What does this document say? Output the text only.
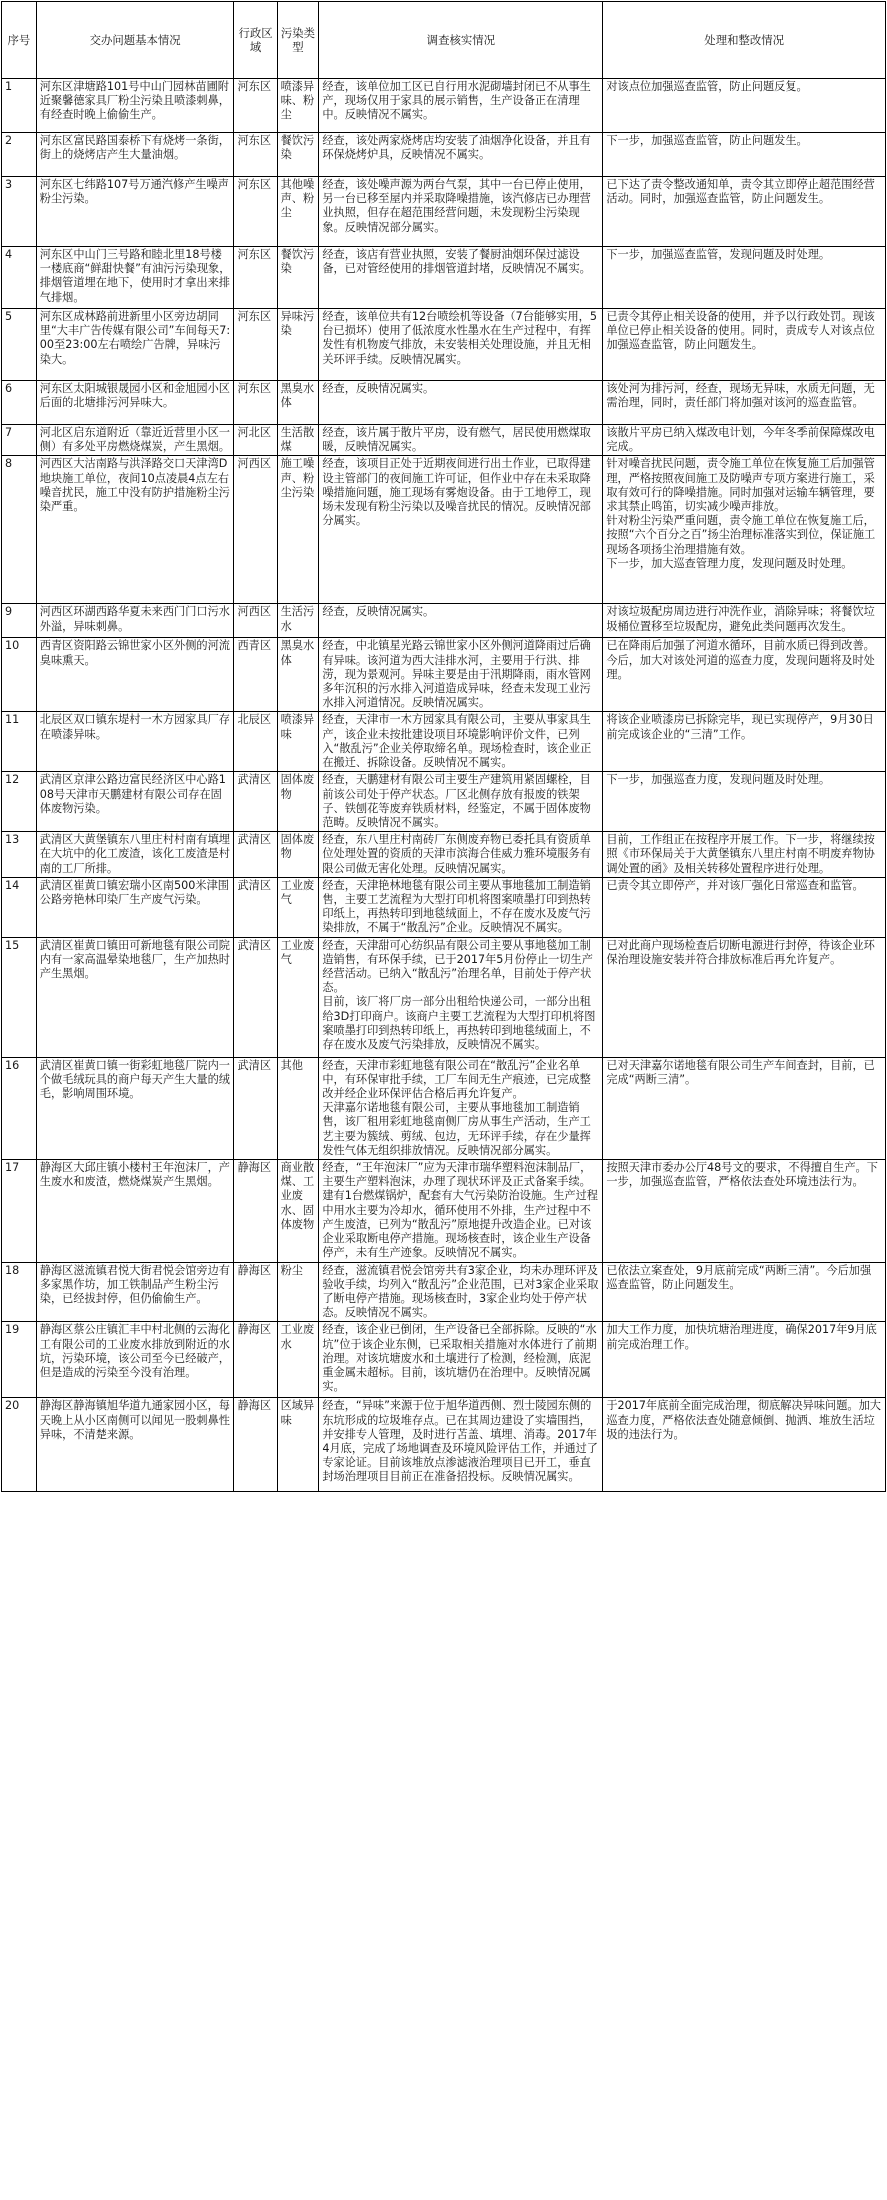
序号	交办问题基本情况	行政区域	污染类型	调查核实情况	处理和整改情况
1	河东区津塘路101号中山门园林苗圃附近聚馨德家具厂粉尘污染且喷漆刺鼻，有经查时晚上偷偷生产。	河东区	喷漆异味、粉尘	经查，该单位加工区已自行用水泥砌墙封闭已不从事生产，现场仅用于家具的展示销售，生产设备正在清理中。反映情况不属实。	对该点位加强巡查监管，防止问题反复。

2	河东区富民路国泰桥下有烧烤一条街，街上的烧烤店产生大量油烟。	河东区	餐饮污染	经查，该处两家烧烤店均安装了油烟净化设备，并且有环保烧烤炉具，反映情况不属实。	下一步，加强巡查监管，防止问题发生。

3	河东区七纬路107号万通汽修产生噪声粉尘污染。	河东区	其他噪声、粉尘	经查，该处噪声源为两台气泵，其中一台已停止使用，另一台已移至屋内并采取降噪措施，该汽修店已办理营业执照，但存在超范围经营问题，未发现粉尘污染现象。反映情况部分属实。	已下达了责令整改通知单，责令其立即停止超范围经营活动。同时，加强巡查监管，防止问题发生。

4	河东区中山门三号路和睦北里18号楼一楼底商“鲜甜快餐”有油污污染现象，排烟管道埋在地下，使用时才拿出来排气排烟。	河东区	餐饮污染	经查，该店有营业执照，安装了餐厨油烟环保过滤设备，已对管经使用的排烟管道封堵，反映情况不属实。	下一步，加强巡查监管，发现问题及时处理。

5	河东区成林路前进新里小区旁边胡同里“大丰广告传媒有限公司”车间每天7:00至23:00左右喷绘广告牌，异味污染大。	河东区	异味污染	经查，该单位共有12台喷绘机等设备（7台能够实用，5台已损坏）使用了低浓度水性墨水在生产过程中，有挥发性有机物废气排放，未安装相关处理设施，并且无相关环评手续。反映情况属实。	已责令其停止相关设备的使用，并予以行政处罚。现该单位已停止相关设备的使用。同时，责成专人对该点位加强巡查监管，防止问题发生。

6	河东区太阳城银晟园小区和金旭园小区后面的北塘排污河异味大。	河东区	黑臭水体	经查，反映情况属实。	该处河为排污河，经查，现场无异味，水质无问题，无需治理，同时，责任部门将加强对该河的巡查监管。

7	河北区启东道附近（靠近近营里小区一侧）有多处平房燃烧煤炭，产生黑烟。	河北区	生活散煤	经查，该片属于散片平房，设有燃气，居民使用燃煤取暖，反映情况属实。	该散片平房已纳入煤改电计划，今年冬季前保障煤改电完成。

8	河西区大沽南路与洪泽路交口天津湾D地块施工单位，夜间10点凌晨4点左右噪音扰民，施工中没有防护措施粉尘污染严重。	河西区	施工噪声、粉尘污染	经查，该项目正处于近期夜间进行出土作业，已取得建设主管部门的夜间施工许可证，但作业中存在未采取降噪措施问题，施工现场有雾炮设备。由于工地停工，现场未发现有粉尘污染以及噪音扰民的情况。反映情况部分属实。	针对噪音扰民问题，责令施工单位在恢复施工后加强管理，严格按照夜间施工及防噪声专项方案进行施工，采取有效可行的降噪措施。同时加强对运输车辆管理，要求其禁止鸣笛，切实减少噪声排放。
针对粉尘污染严重问题，责令施工单位在恢复施工后，按照“六个百分之百”扬尘治理标准落实到位，保证施工现场各项扬尘治理措施有效。
下一步，加大巡查管理力度，发现问题及时处理。

9	河西区环湖西路华夏未来西门门口污水外溢，异味刺鼻。	河西区	生活污水	经查，反映情况属实。	对该垃圾配房周边进行冲洗作业，消除异味；将餐饮垃圾桶位置移至垃圾配房，避免此类问题再次发生。

10	西青区资阳路云锦世家小区外侧的河流臭味熏天。	西青区	黑臭水体	经查，中北镇星光路云锦世家小区外侧河道降雨过后确有异味。该河道为西大洼排水河，主要用于行洪、排涝，现为景观河。异味主要是由于汛期降雨，雨水管网多年沉积的污水排入河道造成异味，经查未发现工业污水排入河道情况。反映情况属实。	已在降雨后加强了河道水循环，目前水质已得到改善。今后，加大对该处河道的巡查力度，发现问题将及时处理。

11	北辰区双口镇东堤村一木方园家具厂存在喷漆异味。	北辰区	喷漆异味	经查，天津市一木方园家具有限公司，主要从事家具生产，该企业未按批建设项目环境影响评价文件，已列入“散乱污”企业关停取缔名单。现场检查时，该企业正在搬迁、拆除设备。反映情况不属实。	将该企业喷漆房已拆除完毕，现已实现停产，9月30日前完成该企业的“三清”工作。

12	武清区京津公路边富民经济区中心路108号天津市天鹏建材有限公司存在固体废物污染。	武清区	固体废物	经查，天鹏建材有限公司主要生产建筑用紧固螺栓，目前该公司处于停产状态。厂区北侧存放有报废的铁架子、铁刨花等废弃铁质材料，经鉴定，不属于固体废物范畴。反映情况不属实。	下一步，加强巡查力度，发现问题及时处理。

13	武清区大黄堡镇东八里庄村村南有填埋在大坑中的化工废渣，该化工废渣是村南的工厂所排。	武清区	固体废物	经查，东八里庄村南砖厂东侧废弃物已委托具有资质单位处理处置的资质的天津市滨海合佳威力雅环境服务有限公司做无害化处理。反映情况属实。	目前，工作组正在按程序开展工作。下一步，将继续按照《市环保局关于大黄堡镇东八里庄村南不明废弃物协调处置的函》及相关转移处置程序进行处理。

14	武清区崔黄口镇宏瑞小区南500米津围公路旁艳林印染厂生产废气污染。	武清区	工业废气	经查，天津艳林地毯有限公司主要从事地毯加工制造销售，主要工艺流程为大型打印机将图案喷墨打印到热转印纸上，再热转印到地毯绒面上，不存在废水及废气污染排放，不属于“散乱污”企业。反映情况不属实。	已责令其立即停产，并对该厂强化日常巡查和监管。

15	武清区崔黄口镇田可新地毯有限公司院内有一家高温晕染地毯厂，生产加热时产生黑烟。	武清区	工业废气	经查，天津甜可心纺织品有限公司主要从事地毯加工制造销售，有环保手续，已于2017年5月份停止一切生产经营活动。已纳入“散乱污”治理名单，目前处于停产状态。
目前，该厂将厂房一部分出租给快递公司，一部分出租给3D打印商户。该商户主要工艺流程为大型打印机将图案喷墨打印到热转印纸上，再热转印到地毯绒面上，不存在废水及废气污染排放，反映情况不属实。	已对此商户现场检查后切断电源进行封停，待该企业环保治理设施安装并符合排放标准后再允许复产。

16	武清区崔黄口镇一街彩虹地毯厂院内一个做毛绒玩具的商户每天产生大量的绒毛，影响周围环境。	武清区	其他	经查，天津市彩虹地毯有限公司在“散乱污”企业名单中，有环保审批手续，工厂车间无生产痕迹，已完成整改并经企业环保评估合格后再允许复产。
天津嘉尔诺地毯有限公司，主要从事地毯加工制造销售，该厂租用彩虹地毯南侧厂房从事生产活动，生产工艺主要为簇绒、剪绒、包边，无环评手续，存在少量挥发性气体无组织排放情况。反映情况部分属实。	已对天津嘉尔诺地毯有限公司生产车间查封，目前，已完成“两断三清”。

17	静海区大邱庄镇小楼村王年泡沫厂，产生废水和废渣，燃烧煤炭产生黑烟。	静海区	商业散煤、工业废水、固体废物	经查，“王年泡沫厂”应为天津市瑞华塑料泡沫制品厂，主要生产塑料泡沫，办理了现状环评及正式备案手续。建有1台燃煤锅炉，配套有大气污染防治设施。生产过程中用水主要为冷却水，循环使用不外排，生产过程中不产生废渣，已列为“散乱污”原地提升改造企业。已对该企业采取断电停产措施。现场核查时，该企业生产设备停产，未有生产迹象。反映情况不属实。	按照天津市委办公厅48号文的要求，不得擅自生产。下一步，加强巡查监管，严格依法查处环境违法行为。

18	静海区滋流镇君悦大街君悦会馆旁边有多家黑作坊，加工铁制品产生粉尘污染，已经拔封停，但仍偷偷生产。	静海区	粉尘	经查，滋流镇君悦会馆旁共有3家企业，均未办理环评及验收手续，均列入“散乱污”企业范围，已对3家企业采取了断电停产措施。现场核查时，3家企业均处于停产状态。反映情况不属实。	已依法立案查处，9月底前完成“两断三清”。今后加强巡查监管，防止问题发生。

19	静海区蔡公庄镇汇丰中村北侧的云海化工有限公司的工业废水排放到附近的水坑，污染环境，该公司至今已经破产，但是造成的污染至今没有治理。	静海区	工业废水	经查，该企业已倒闭，生产设备已全部拆除。反映的“水坑”位于该企业东侧，已采取相关措施对水体进行了前期治理。对该坑塘废水和土壤进行了检测，经检测，底泥重金属未超标。目前，该坑塘仍在治理中。反映情况属实。	加大工作力度，加快坑塘治理进度，确保2017年9月底前完成治理工作。

20	静海区静海镇旭华道九通家园小区，每天晚上从小区南侧可以闻见一股刺鼻性异味，不清楚来源。	静海区	区域异味	经查，“异味”来源于位于旭华道西侧、烈士陵园东侧的东坑形成的垃圾堆存点。已在其周边建设了实墙围挡，并安排专人管理，及时进行苫盖、填埋、消毒。2017年4月底，完成了场地调查及环境风险评估工作，并通过了专家论证。目前该堆放点渗滤液治理项目已开工，垂直封场治理项目目前正在准备招投标。反映情况属实。	于2017年底前全面完成治理，彻底解决异味问题。加大巡查力度，严格依法查处随意倾倒、抛洒、堆放生活垃圾的违法行为。
